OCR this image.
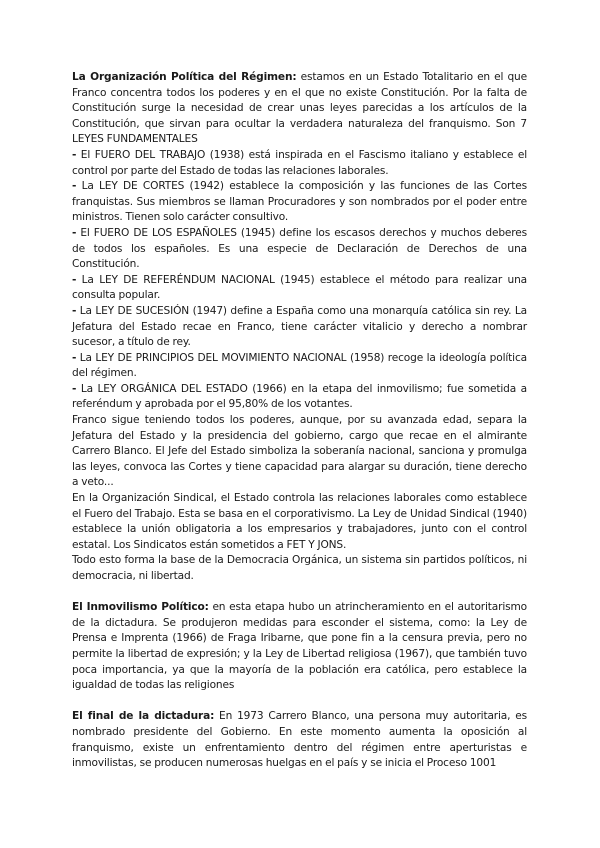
La Organización Política del Régimen: estamos en un Estado Totalitario en el que Franco concentra todos los poderes y en el que no existe Constitución. Por la falta de Constitución surge la necesidad de crear unas leyes parecidas a los artículos de la Constitución, que sirvan para ocultar la verdadera naturaleza del franquismo. Son 7 LEYES FUNDAMENTALES

- El FUERO DEL TRABAJO (1938) está inspirada en el Fascismo italiano y establece el control por parte del Estado de todas las relaciones laborales.

- La LEY DE CORTES (1942) establece la composición y las funciones de las Cortes franquistas. Sus miembros se llaman Procuradores y son nombrados por el poder entre ministros. Tienen solo carácter consultivo.

- El FUERO DE LOS ESPAÑOLES (1945) define los escasos derechos y muchos deberes de todos los españoles. Es una especie de Declaración de Derechos de una Constitución.

- La LEY DE REFERÉNDUM NACIONAL (1945) establece el método para realizar una consulta popular.

- La LEY DE SUCESIÓN (1947) define a España como una monarquía católica sin rey. La Jefatura del Estado recae en Franco, tiene carácter vitalicio y derecho a nombrar sucesor, a título de rey.

- La LEY DE PRINCIPIOS DEL MOVIMIENTO NACIONAL (1958) recoge la ideología política del régimen.

- La LEY ORGÁNICA DEL ESTADO (1966) en la etapa del inmovilismo; fue sometida a referéndum y aprobada por el 95,80% de los votantes.

Franco sigue teniendo todos los poderes, aunque, por su avanzada edad, separa la Jefatura del Estado y la presidencia del gobierno, cargo que recae en el almirante Carrero Blanco. El Jefe del Estado simboliza la soberanía nacional, sanciona y promulga las leyes, convoca las Cortes y tiene capacidad para alargar su duración, tiene derecho a veto...

En la Organización Sindical, el Estado controla las relaciones laborales como establece el Fuero del Trabajo. Esta se basa en el corporativismo. La Ley de Unidad Sindical (1940) establece la unión obligatoria a los empresarios y trabajadores, junto con el control estatal. Los Sindicatos están sometidos a FET Y JONS.

Todo esto forma la base de la Democracia Orgánica, un sistema sin partidos políticos, ni democracia, ni libertad.

El Inmovilismo Político: en esta etapa hubo un atrincheramiento en el autoritarismo de la dictadura. Se produjeron medidas para esconder el sistema, como: la Ley de Prensa e Imprenta (1966) de Fraga Iribarne, que pone fin a la censura previa, pero no permite la libertad de expresión; y la Ley de Libertad religiosa (1967), que también tuvo poca importancia, ya que la mayoría de la población era católica, pero establece la igualdad de todas las religiones

El final de la dictadura: En 1973 Carrero Blanco, una persona muy autoritaria, es nombrado presidente del Gobierno. En este momento aumenta la oposición al franquismo, existe un enfrentamiento dentro del régimen entre aperturistas e inmovilistas, se producen numerosas huelgas en el país y se inicia el Proceso 1001
